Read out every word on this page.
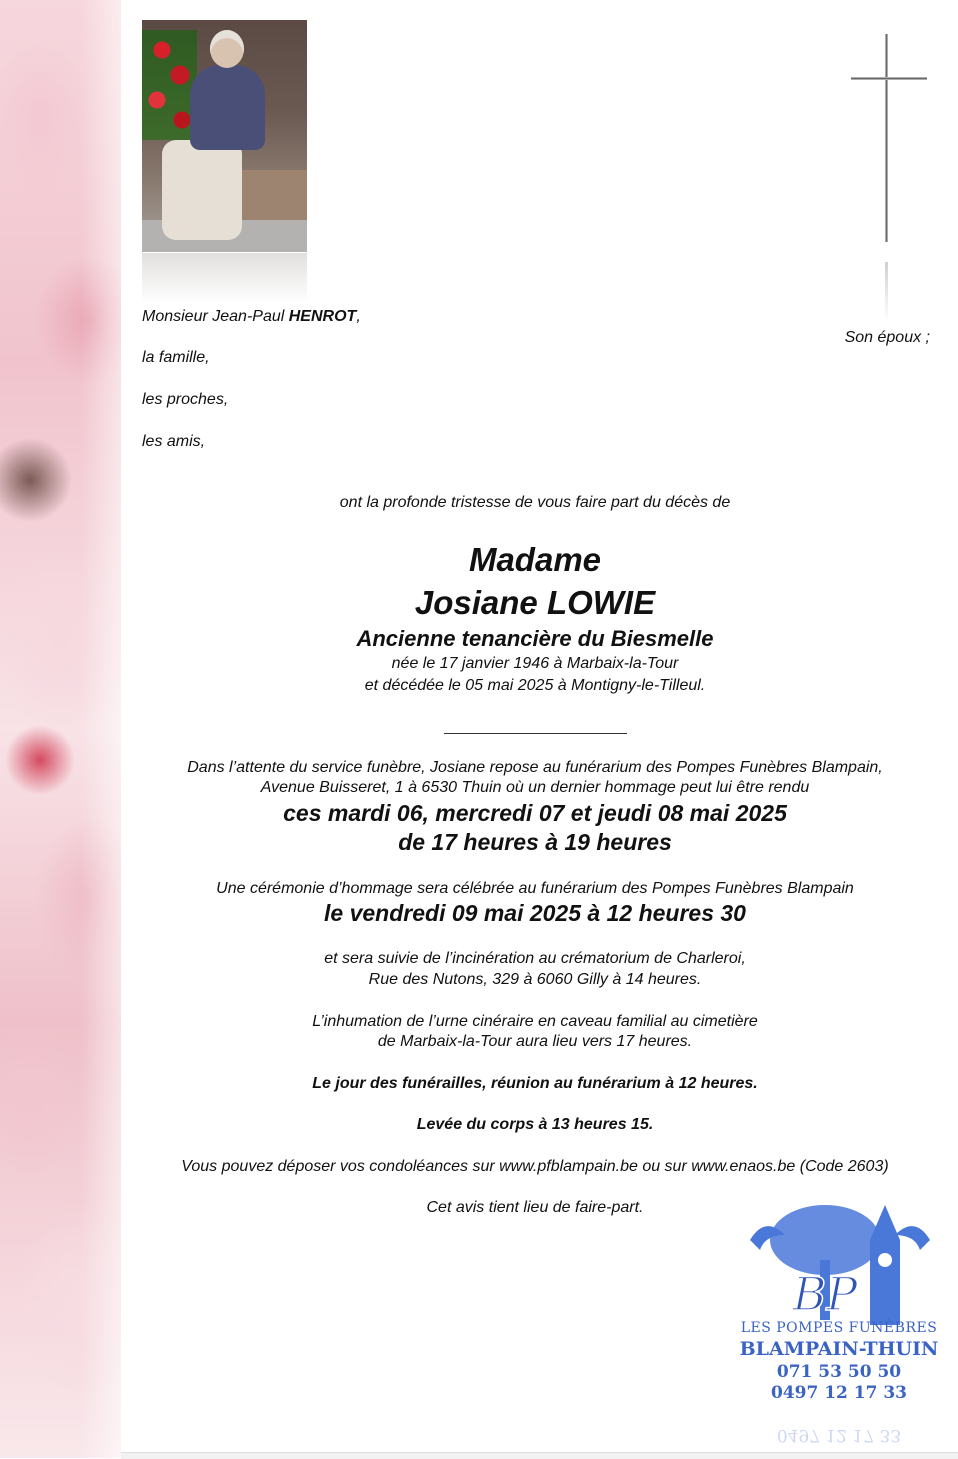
Monsieur Jean-Paul HENROT,
Son époux ;
la famille,
les proches,
les amis,
ont la profonde tristesse de vous faire part du décès de
Madame
Josiane LOWIE
Ancienne tenancière du Biesmelle
née le 17 janvier 1946 à Marbaix-la-Tour
et décédée le 05 mai 2025 à Montigny-le-Tilleul.
Dans l’attente du service funèbre, Josiane repose au funérarium des Pompes Funèbres Blampain,
Avenue Buisseret, 1 à 6530 Thuin où un dernier hommage peut lui être rendu
ces mardi 06, mercredi 07 et jeudi 08 mai 2025
de 17 heures à 19 heures
Une cérémonie d’hommage sera célébrée au funérarium des Pompes Funèbres Blampain
le vendredi 09 mai 2025 à 12 heures 30
et sera suivie de l’incinération au crématorium de Charleroi,
Rue des Nutons, 329 à 6060 Gilly à 14 heures.
L’inhumation de l’urne cinéraire en caveau familial au cimetière
de Marbaix-la-Tour aura lieu vers 17 heures.
Le jour des funérailles, réunion au funérarium à 12 heures.
Levée du corps à 13 heures 15.
Vous pouvez déposer vos condoléances sur www.pfblampain.be ou sur www.enaos.be (Code 2603)
Cet avis tient lieu de faire-part.
BP
LES POMPES FUNÈBRES
BLAMPAIN-THUIN
071 53 50 50
0497 12 17 33
0497 12 17 33
